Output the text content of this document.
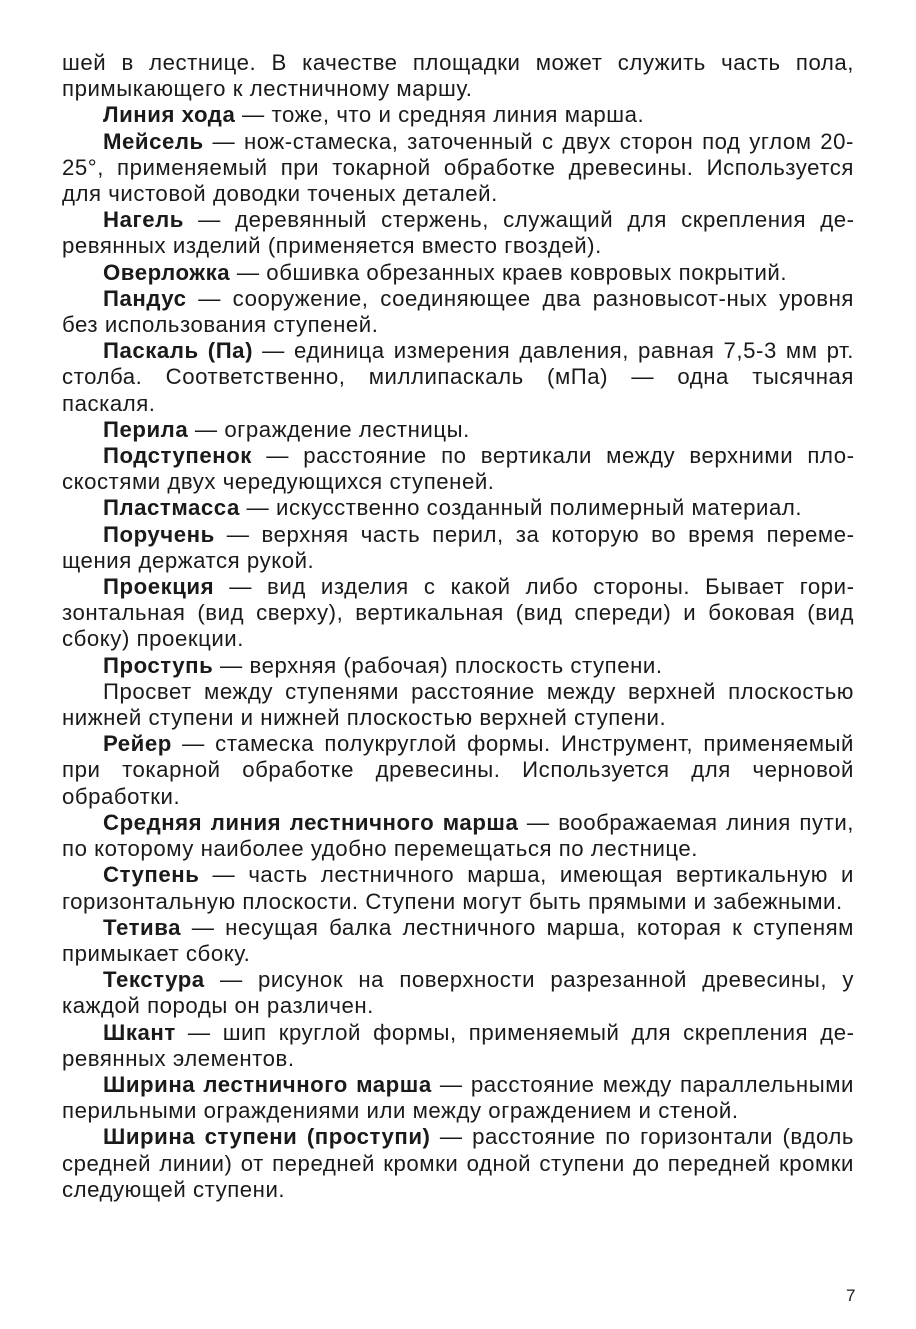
шей в лестнице. В качестве площадки может служить часть пола, примыкающего к лестничному маршу.

Линия хода — тоже, что и средняя линия марша.

Мейсель — нож-стамеска, заточенный с двух сторон под углом 20-25°, применяемый при токарной обработке древесины. Используется для чистовой доводки точеных деталей.

Нагель — деревянный стержень, служащий для скрепления деревянных изделий (применяется вместо гвоздей).

Оверложка — обшивка обрезанных краев ковровых покрытий.

Пандус — сооружение, соединяющее два разновысот-ных уровня без использования ступеней.

Паскаль (Па) — единица измерения давления, равная 7,5-3 мм рт. столба. Соответственно, миллипаскаль (мПа) — одна тысячная паскаля.

Перила — ограждение лестницы.

Подступенок — расстояние по вертикали между верхними плоскостями двух чередующихся ступеней.

Пластмасса — искусственно созданный полимерный материал.

Поручень — верхняя часть перил, за которую во время перемещения держатся рукой.

Проекция — вид изделия с какой либо стороны. Бывает горизонтальная (вид сверху), вертикальная (вид спереди) и боковая (вид сбоку) проекции.

Проступь — верхняя (рабочая) плоскость ступени.

Просвет между ступенями расстояние между верхней плоскостью нижней ступени и нижней плоскостью верхней ступени.

Рейер — стамеска полукруглой формы. Инструмент, применяемый при токарной обработке древесины. Используется для черновой обработки.

Средняя линия лестничного марша — воображаемая линия пути, по которому наиболее удобно перемещаться по лестнице.

Ступень — часть лестничного марша, имеющая вертикальную и горизонтальную плоскости. Ступени могут быть прямыми и забежными.

Тетива — несущая балка лестничного марша, которая к ступеням примыкает сбоку.

Текстура — рисунок на поверхности разрезанной древесины, у каждой породы он различен.

Шкант — шип круглой формы, применяемый для скрепления деревянных элементов.

Ширина лестничного марша — расстояние между параллельными перильными ограждениями или между ограждением и стеной.

Ширина ступени (проступи) — расстояние по горизонтали (вдоль средней линии) от передней кромки одной ступени до передней кромки следующей ступени.

7
